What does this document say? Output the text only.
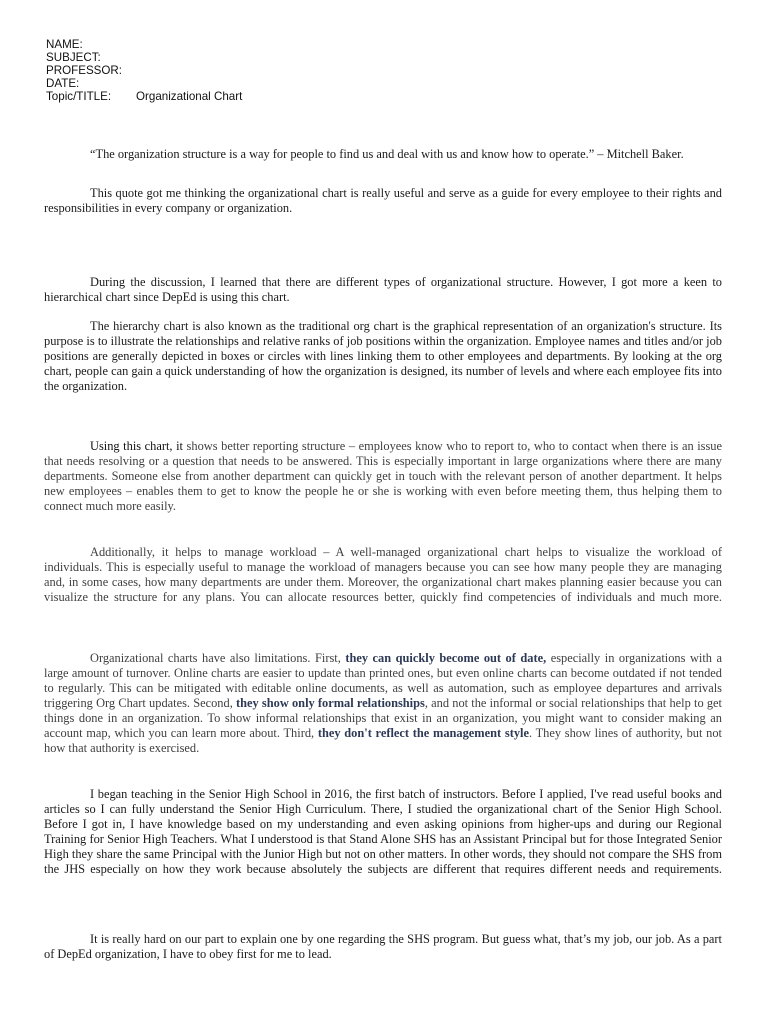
NAME:
SUBJECT:
PROFESSOR:
DATE:
Topic/TITLE: Organizational Chart

“The organization structure is a way for people to find us and deal with us and know how to operate.” – Mitchell Baker.

This quote got me thinking the organizational chart is really useful and serve as a guide for every employee to their rights and responsibilities in every company or organization.

During the discussion, I learned that there are different types of organizational structure. However, I got more a keen to hierarchical chart since DepEd is using this chart.

The hierarchy chart is also known as the traditional org chart is the graphical representation of an organization's structure. Its purpose is to illustrate the relationships and relative ranks of job positions within the organization. Employee names and titles and/or job positions are generally depicted in boxes or circles with lines linking them to other employees and departments. By looking at the org chart, people can gain a quick understanding of how the organization is designed, its number of levels and where each employee fits into the organization.

Using this chart, it shows better reporting structure – employees know who to report to, who to contact when there is an issue that needs resolving or a question that needs to be answered. This is especially important in large organizations where there are many departments. Someone else from another department can quickly get in touch with the relevant person of another department. It helps new employees – enables them to get to know the people he or she is working with even before meeting them, thus helping them to connect much more easily.

Additionally, it helps to manage workload – A well-managed organizational chart helps to visualize the workload of individuals. This is especially useful to manage the workload of managers because you can see how many people they are managing and, in some cases, how many departments are under them. Moreover, the organizational chart makes planning easier because you can visualize the structure for any plans. You can allocate resources better, quickly find competencies of individuals and much more.

Organizational charts have also limitations. First, they can quickly become out of date, especially in organizations with a large amount of turnover. Online charts are easier to update than printed ones, but even online charts can become outdated if not tended to regularly. This can be mitigated with editable online documents, as well as automation, such as employee departures and arrivals triggering Org Chart updates. Second, they show only formal relationships, and not the informal or social relationships that help to get things done in an organization. To show informal relationships that exist in an organization, you might want to consider making an account map, which you can learn more about. Third, they don't reflect the management style. They show lines of authority, but not how that authority is exercised.

I began teaching in the Senior High School in 2016, the first batch of instructors. Before I applied, I've read useful books and articles so I can fully understand the Senior High Curriculum. There, I studied the organizational chart of the Senior High School. Before I got in, I have knowledge based on my understanding and even asking opinions from higher-ups and during our Regional Training for Senior High Teachers. What I understood is that Stand Alone SHS has an Assistant Principal but for those Integrated Senior High they share the same Principal with the Junior High but not on other matters. In other words, they should not compare the SHS from the JHS especially on how they work because absolutely the subjects are different that requires different needs and requirements.

It is really hard on our part to explain one by one regarding the SHS program. But guess what, that’s my job, our job. As a part of DepEd organization, I have to obey first for me to lead.
